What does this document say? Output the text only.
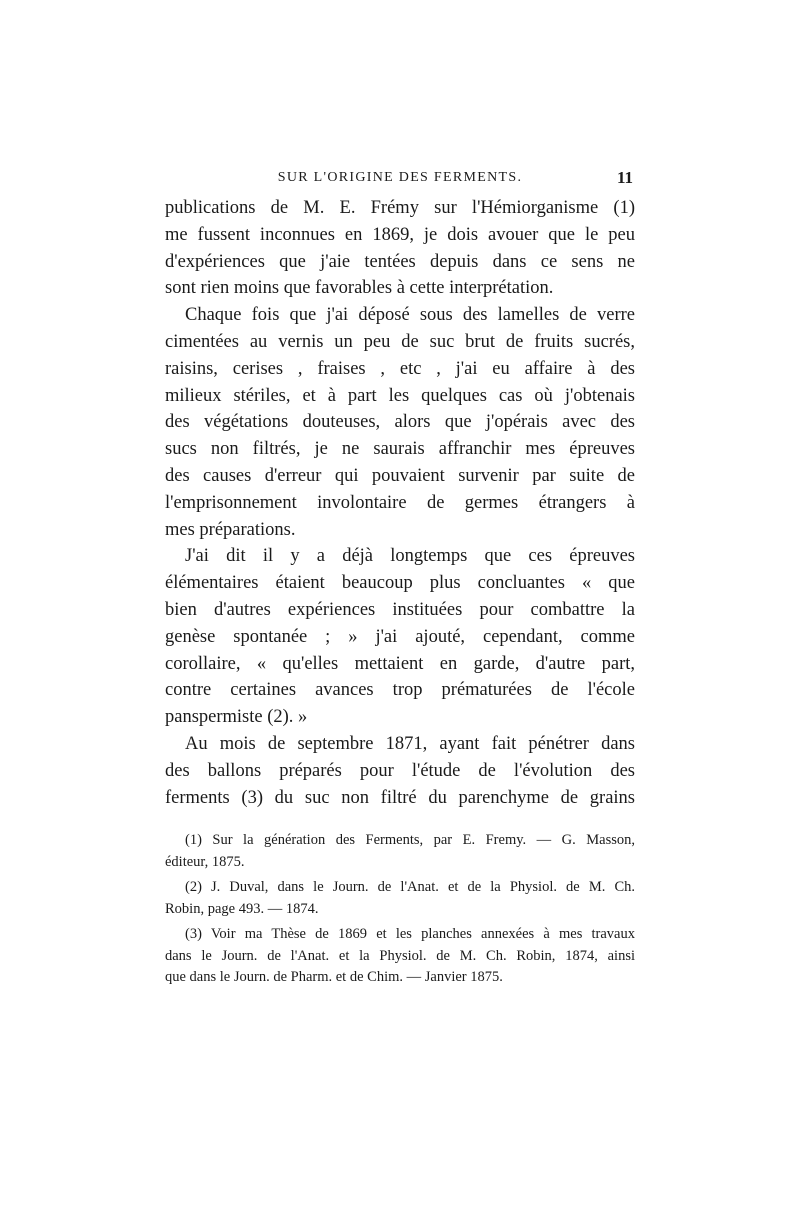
SUR L'ORIGINE DES FERMENTS.	11

publications de M. E. Frémy sur l'Hémiorganisme (1)
me fussent inconnues en 1869, je dois avouer que le peu
d'expériences que j'aie tentées depuis dans ce sens ne
sont rien moins que favorables à cette interprétation.

Chaque fois que j'ai déposé sous des lamelles de verre
cimentées au vernis un peu de suc brut de fruits sucrés,
raisins, cerises , fraises , etc , j'ai eu affaire à des
milieux stériles, et à part les quelques cas où j'obtenais
des végétations douteuses, alors que j'opérais avec des
sucs non filtrés, je ne saurais affranchir mes épreuves
des causes d'erreur qui pouvaient survenir par suite de
l'emprisonnement involontaire de germes étrangers à
mes préparations.

J'ai dit il y a déjà longtemps que ces épreuves
élémentaires étaient beaucoup plus concluantes « que
bien d'autres expériences instituées pour combattre la
genèse spontanée ; » j'ai ajouté, cependant, comme
corollaire, « qu'elles mettaient en garde, d'autre part,
contre certaines avances trop prématurées de l'école
panspermiste (2). »

Au mois de septembre 1871, ayant fait pénétrer dans
des ballons préparés pour l'étude de l'évolution des
ferments (3) du suc non filtré du parenchyme de grains

(1) Sur la génération des Ferments, par E. Fremy. — G. Masson,
éditeur, 1875.
(2) J. Duval, dans le Journ. de l'Anat. et de la Physiol. de M. Ch.
Robin, page 493. — 1874.
(3) Voir ma Thèse de 1869 et les planches annexées à mes travaux
dans le Journ. de l'Anat. et la Physiol. de M. Ch. Robin, 1874, ainsi
que dans le Journ. de Pharm. et de Chim. — Janvier 1875.
